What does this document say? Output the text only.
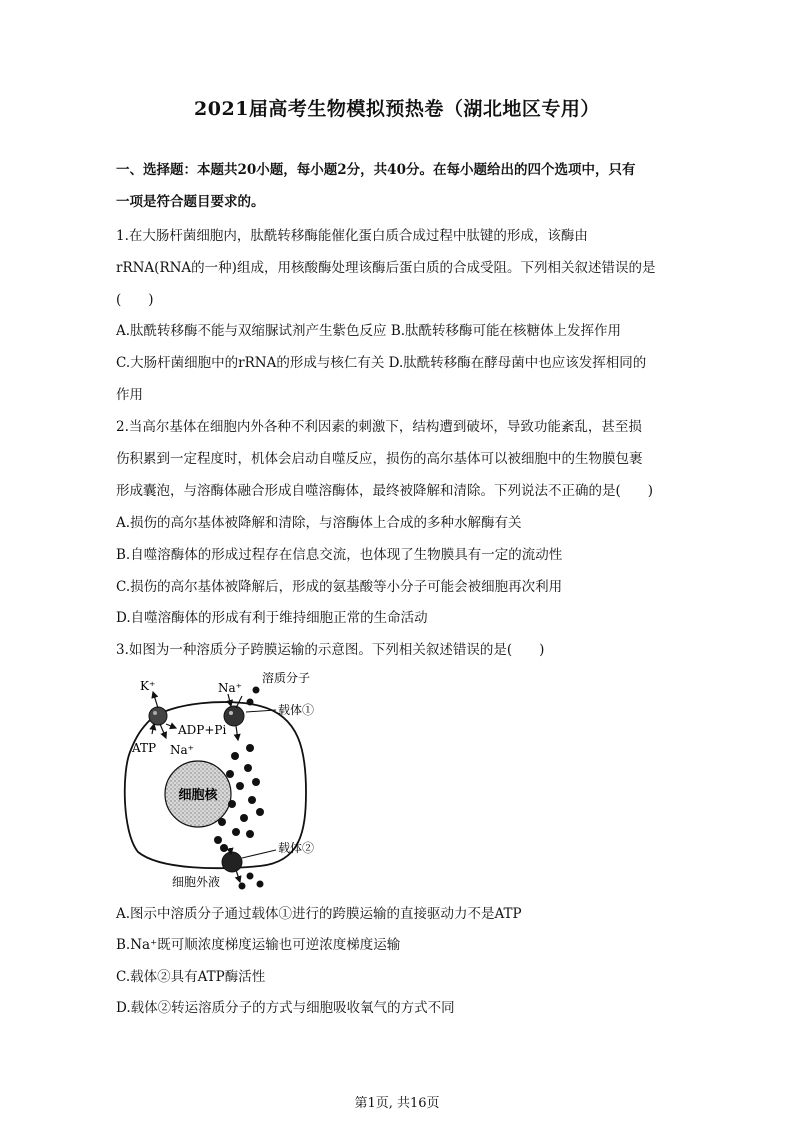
2021届高考生物模拟预热卷（湖北地区专用）
一、选择题：本题共20小题，每小题2分，共40分。在每小题给出的四个选项中，只有
一项是符合题目要求的。
1.在大肠杆菌细胞内，肽酰转移酶能催化蛋白质合成过程中肽键的形成，该酶由
rRNA(RNA的一种)组成，用核酸酶处理该酶后蛋白质的合成受阻。下列相关叙述错误的是
(　　)
A.肽酰转移酶不能与双缩脲试剂产生紫色反应 B.肽酰转移酶可能在核糖体上发挥作用
C.大肠杆菌细胞中的rRNA的形成与核仁有关 D.肽酰转移酶在酵母菌中也应该发挥相同的
作用
2.当高尔基体在细胞内外各种不利因素的刺激下，结构遭到破坏，导致功能紊乱，甚至损
伤积累到一定程度时，机体会启动自噬反应，损伤的高尔基体可以被细胞中的生物膜包裹
形成囊泡，与溶酶体融合形成自噬溶酶体，最终被降解和清除。下列说法不正确的是(　　)
A.损伤的高尔基体被降解和清除，与溶酶体上合成的多种水解酶有关
B.自噬溶酶体的形成过程存在信息交流，也体现了生物膜具有一定的流动性
C.损伤的高尔基体被降解后，形成的氨基酸等小分子可能会被细胞再次利用
D.自噬溶酶体的形成有利于维持细胞正常的生命活动
3.如图为一种溶质分子跨膜运输的示意图。下列相关叙述错误的是(　　)
细胞核
K⁺	Na⁺
溶质分子
载体①
ADP+Pi
ATP Na⁺
载体②
细胞外液
A.图示中溶质分子通过载体①进行的跨膜运输的直接驱动力不是ATP
B.Na⁺既可顺浓度梯度运输也可逆浓度梯度运输
C.载体②具有ATP酶活性
D.载体②转运溶质分子的方式与细胞吸收氧气的方式不同
第1页, 共16页
